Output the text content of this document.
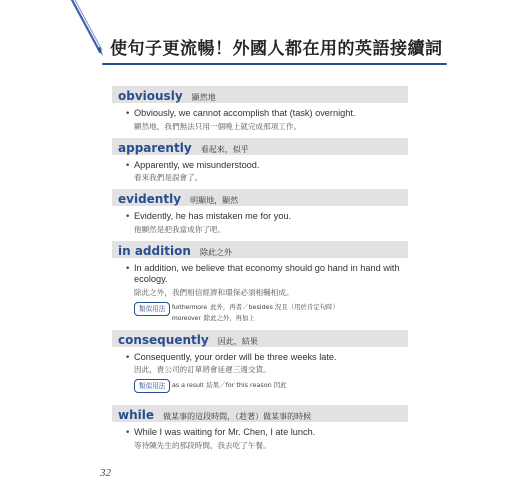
使句子更流暢！外國人都在用的英語接續詞
obviously 顯然地
• Obviously, we cannot accomplish that (task) overnight.
顯然地，我們無法只用一個晚上就完成那項工作。
apparently 看起來，似乎
• Apparently, we misunderstood.
看來我們是誤會了。
evidently 明顯地，顯然
• Evidently, he has mistaken me for you.
他顯然是把我當成你了吧。
in addition 除此之外
• In addition, we believe that economy should go hand in hand with ecology.
除此之外，我們相信經濟和環保必須相輔相成。
類似用法 furthermore 此外，再者／besides 況且（用於肯定句時）
moreover 除此之外，再加上
consequently 因此，結果
• Consequently, your order will be three weeks late.
因此，貴公司的訂單將會延遲三週交貨。
類似用法 as a result 結果／for this reason 因此
while 做某事的這段時間，（趁著）做某事的時候
• While I was waiting for Mr. Chen, I ate lunch.
等待陳先生的那段時間，我去吃了午餐。
32
